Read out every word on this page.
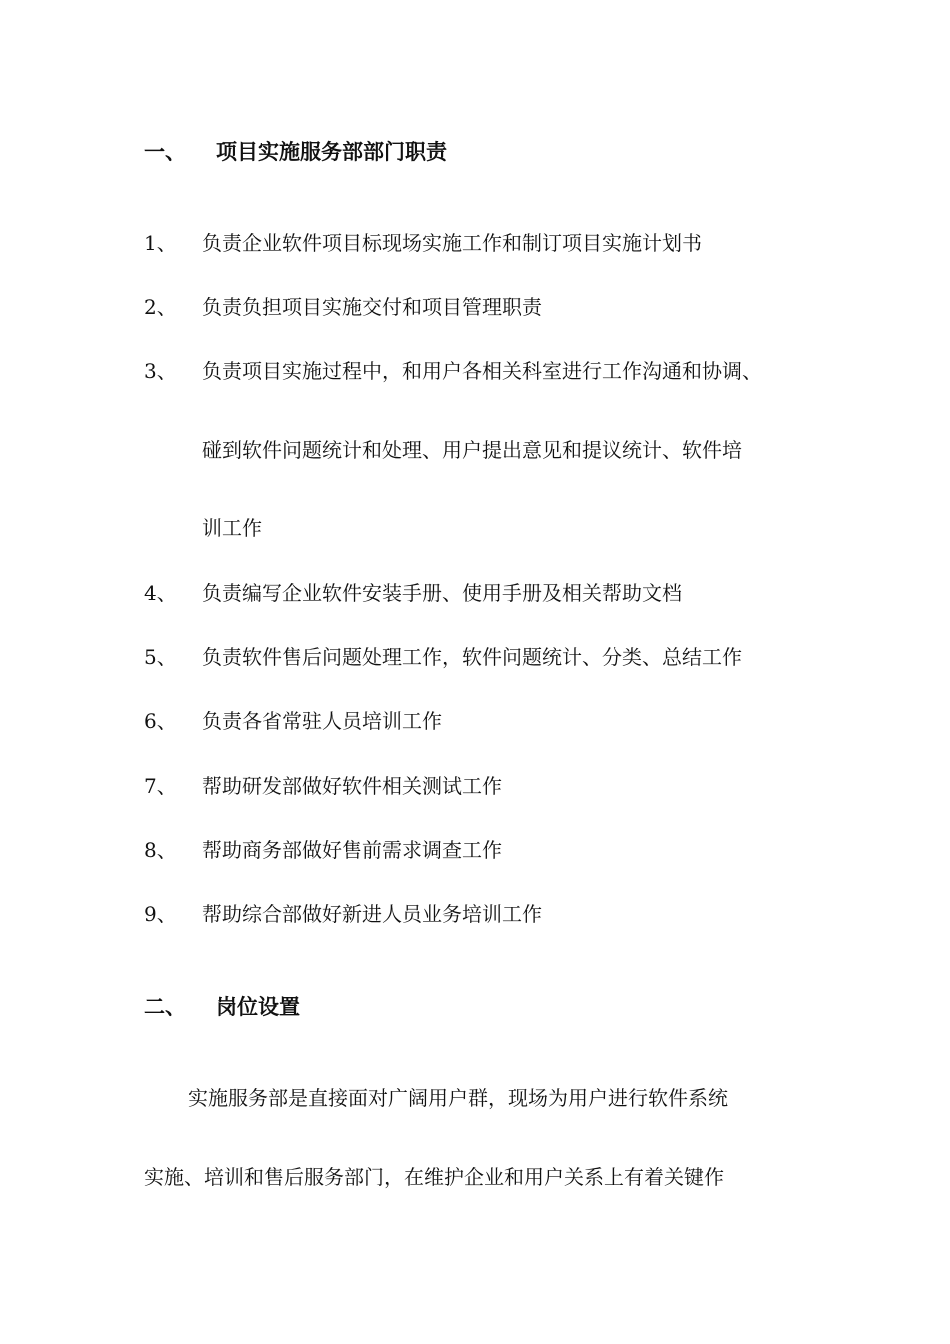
一、 项目实施服务部部门职责
1、 负责企业软件项目标现场实施工作和制订项目实施计划书
2、 负责负担项目实施交付和项目管理职责
3、 负责项目实施过程中，和用户各相关科室进行工作沟通和协调、
碰到软件问题统计和处理、用户提出意见和提议统计、软件培
训工作
4、 负责编写企业软件安装手册、使用手册及相关帮助文档
5、 负责软件售后问题处理工作，软件问题统计、分类、总结工作
6、 负责各省常驻人员培训工作
7、 帮助研发部做好软件相关测试工作
8、 帮助商务部做好售前需求调查工作
9、 帮助综合部做好新进人员业务培训工作
二、 岗位设置
实施服务部是直接面对广阔用户群，现场为用户进行软件系统
实施、培训和售后服务部门，在维护企业和用户关系上有着关键作
